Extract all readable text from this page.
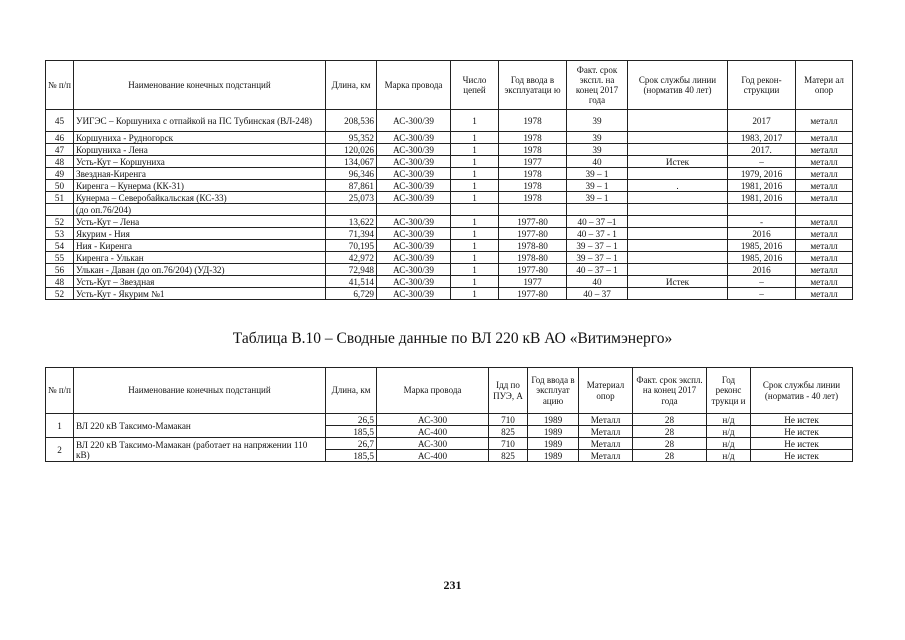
№ п/п	Наименование конечных подстанций	Длина, км	Марка провода	Число цепей	Год ввода в эксплуатаци ю	Факт. срок экспл. на конец 2017 года	Срок службы линии (норматив 40 лет)	Год рекон- струкции	Матери ал опор
45	УИГЭС – Коршуниха с отпайкой на ПС Тубинская (ВЛ-248)	208,536	АС-300/39	1	1978	39		2017	металл
46	Коршуниха - Рудногорск	95,352	АС-300/39	1	1978	39		1983, 2017	металл
47	Коршуниха - Лена	120,026	АС-300/39	1	1978	39		2017.	металл
48	Усть-Кут – Коршуниха	134,067	АС-300/39	1	1977	40	Истек	–	металл
49	Звездная-Киренга	96,346	АС-300/39	1	1978	39 – 1		1979, 2016	металл
50	Киренга – Кунерма (КК-31)	87,861	АС-300/39	1	1978	39 – 1	.	1981, 2016	металл
51	Кунерма – Северобайкальская (КС-33)	25,073	АС-300/39	1	1978	39 – 1		1981, 2016	металл
	(до оп.76/204)								
52	Усть-Кут – Лена	13,622	АС-300/39	1	1977-80	40 – 37 –1		-	металл
53	Якурим - Ния	71,394	АС-300/39	1	1977-80	40 – 37 - 1		2016	металл
54	Ния - Киренга	70,195	АС-300/39	1	1978-80	39 – 37 – 1		1985, 2016	металл
55	Киренга - Улькан	42,972	АС-300/39	1	1978-80	39 – 37 – 1		1985, 2016	металл
56	Улькан - Даван (до оп.76/204) (УД-32)	72,948	АС-300/39	1	1977-80	40 – 37 – 1		2016	металл
48	Усть-Кут – Звездная	41,514	АС-300/39	1	1977	40	Истек	–	металл
52	Усть-Кут - Якурим №1	6,729	АС-300/39	1	1977-80	40 – 37		–	металл
Таблица В.10 – Сводные данные по ВЛ 220 кВ АО «Витимэнерго»
№ п/п	Наименование конечных подстанций	Длина, км	Марка провода	Iдд по ПУЭ, А	Год ввода в эксплуат ацию	Материал опор	Факт. срок экспл. на конец 2017 года	Год реконс трукци и	Срок службы линии (норматив - 40 лет)
1	ВЛ 220 кВ Таксимо-Мамакан	26,5	АС-300	710	1989	Металл	28	н/д	Не истек
		185,5	АС-400	825	1989	Металл	28	н/д	Не истек
2	ВЛ 220 кВ Таксимо-Мамакан (работает на напряжении 110 кВ)	26,7	АС-300	710	1989	Металл	28	н/д	Не истек
		185,5	АС-400	825	1989	Металл	28	н/д	Не истек
231
